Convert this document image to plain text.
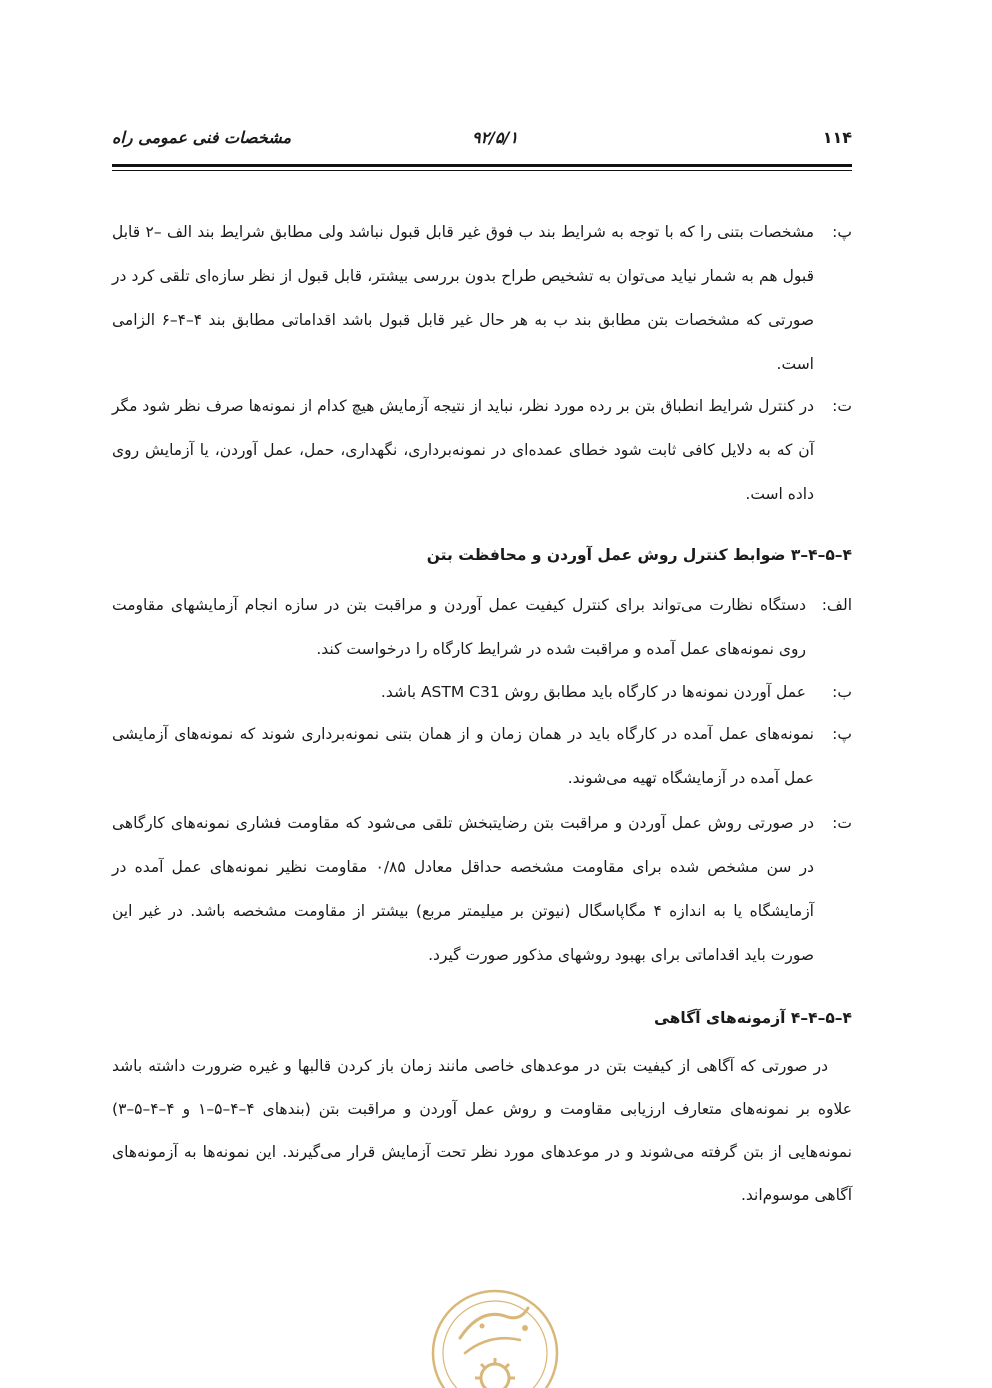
۱۱۴
۹۲/۵/۱
مشخصات فنی عمومی راه
پ:
مشخصات بتنی را که با توجه به شرایط بند ب فوق غیر قابل قبول نباشد ولی مطابق شرایط بند الف –۲ قابل قبول هم به شمار نیاید می‌توان به تشخیص طراح بدون بررسی بیشتر، قابل قبول از نظر سازه‌ای تلقی کرد در صورتی که مشخصات بتن مطابق بند ب به هر حال غیر قابل قبول باشد اقداماتی مطابق بند ۴–۴–۶ الزامی است.
ت:
در کنترل شرایط انطباق بتن بر رده مورد نظر، نباید از نتیجه آزمایش هیچ کدام از نمونه‌ها صرف نظر شود مگر آن که به دلایل کافی ثابت شود خطای عمده‌ای در نمونه‌برداری، نگهداری، حمل، عمل آوردن، یا آزمایش روی داده است.
۴–۵–۴–۳ ضوابط کنترل روش عمل آوردن و محافظت بتن
الف:
دستگاه نظارت می‌تواند برای کنترل کیفیت عمل آوردن و مراقبت بتن در سازه انجام آزمایشهای مقاومت روی نمونه‌های عمل آمده و مراقبت شده در شرایط کارگاه را درخواست کند.
ب:
عمل آوردن نمونه‌ها در کارگاه باید مطابق روش ASTM C31 باشد.
پ:
نمونه‌های عمل آمده در کارگاه باید در همان زمان و از همان بتنی نمونه‌برداری شوند که نمونه‌های آزمایشی عمل آمده در آزمایشگاه تهیه می‌شوند.
ت:
در صورتی روش عمل آوردن و مراقبت بتن رضایتبخش تلقی می‌شود که مقاومت فشاری نمونه‌های کارگاهی در سن مشخص شده برای مقاومت مشخصه حداقل معادل ۰/۸۵ مقاومت نظیر نمونه‌های عمل آمده در آزمایشگاه یا به اندازه ۴ مگاپاسگال (نیوتن بر میلیمتر مربع) بیشتر از مقاومت مشخصه باشد. در غیر این صورت باید اقداماتی برای بهبود روشهای مذکور صورت گیرد.
۴–۵–۴–۴ آزمونه‌های آگاهی
در صورتی که آگاهی از کیفیت بتن در موعدهای خاصی مانند زمان باز کردن قالبها و غیره ضرورت داشته باشد علاوه بر نمونه‌های متعارف ارزیابی مقاومت و روش عمل آوردن و مراقبت بتن (بندهای ۴–۴–۵–۱ و ۴–۴–۵–۳) نمونه‌هایی از بتن گرفته می‌شوند و در موعدهای مورد نظر تحت آزمایش قرار می‌گیرند. این نمونه‌ها به آزمونه‌های آگاهی موسوم‌اند.
